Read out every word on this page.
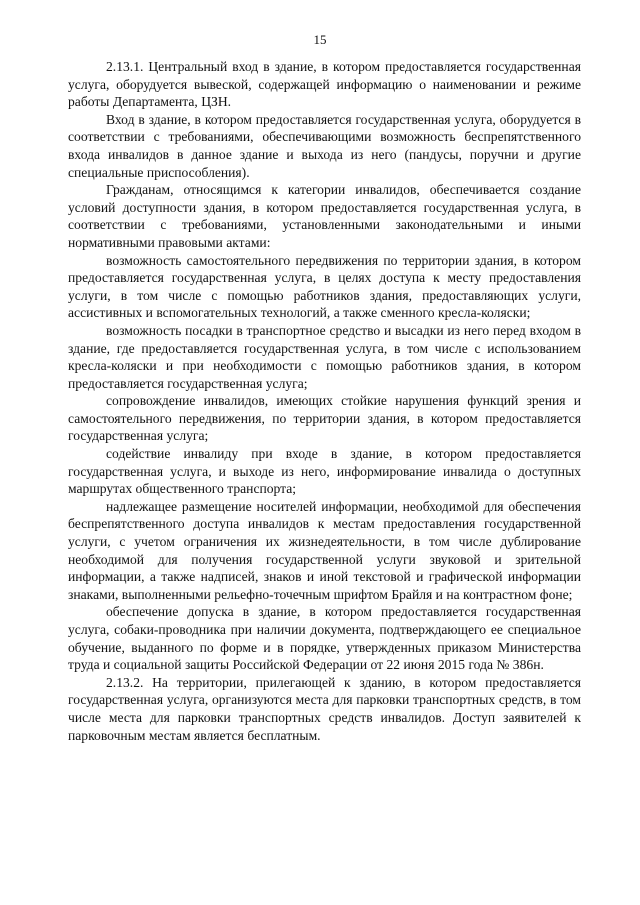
15

2.13.1. Центральный вход в здание, в котором предоставляется государственная услуга, оборудуется вывеской, содержащей информацию о наименовании и режиме работы Департамента, ЦЗН.

Вход в здание, в котором предоставляется государственная услуга, оборудуется в соответствии с требованиями, обеспечивающими возможность беспрепятственного входа инвалидов в данное здание и выхода из него (пандусы, поручни и другие специальные приспособления).

Гражданам, относящимся к категории инвалидов, обеспечивается создание условий доступности здания, в котором предоставляется государственная услуга, в соответствии с требованиями, установленными законодательными и иными нормативными правовыми актами:

возможность самостоятельного передвижения по территории здания, в котором предоставляется государственная услуга, в целях доступа к месту предоставления услуги, в том числе с помощью работников здания, предоставляющих услуги, ассистивных и вспомогательных технологий, а также сменного кресла-коляски;

возможность посадки в транспортное средство и высадки из него перед входом в здание, где предоставляется государственная услуга, в том числе с использованием кресла-коляски и при необходимости с помощью работников здания, в котором предоставляется государственная услуга;

сопровождение инвалидов, имеющих стойкие нарушения функций зрения и самостоятельного передвижения, по территории здания, в котором предоставляется государственная услуга;

содействие инвалиду при входе в здание, в котором предоставляется государственная услуга, и выходе из него, информирование инвалида о доступных маршрутах общественного транспорта;

надлежащее размещение носителей информации, необходимой для обеспечения беспрепятственного доступа инвалидов к местам предоставления государственной услуги, с учетом ограничения их жизнедеятельности, в том числе дублирование необходимой для получения государственной услуги звуковой и зрительной информации, а также надписей, знаков и иной текстовой и графической информации знаками, выполненными рельефно-точечным шрифтом Брайля и на контрастном фоне;

обеспечение допуска в здание, в котором предоставляется государственная услуга, собаки-проводника при наличии документа, подтверждающего ее специальное обучение, выданного по форме и в порядке, утвержденных приказом Министерства труда и социальной защиты Российской Федерации от 22 июня 2015 года № 386н.

2.13.2. На территории, прилегающей к зданию, в котором предоставляется государственная услуга, организуются места для парковки транспортных средств, в том числе места для парковки транспортных средств инвалидов. Доступ заявителей к парковочным местам является бесплатным.
